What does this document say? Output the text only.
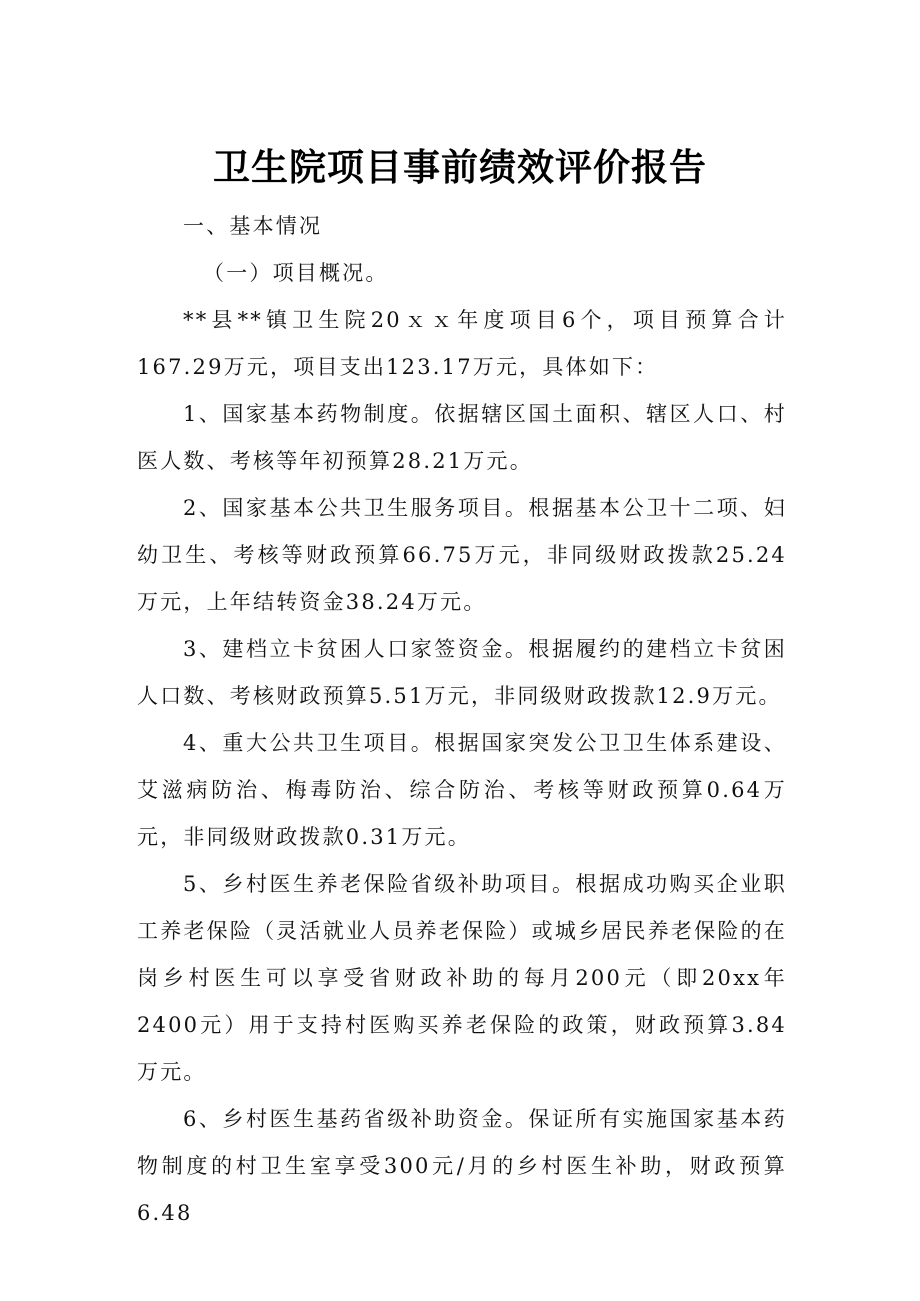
卫生院项目事前绩效评价报告

一、基本情况

（一）项目概况。

**县**镇卫生院20ｘｘ年度项目6个，项目预算合计167.29万元，项目支出123.17万元，具体如下：

1、国家基本药物制度。依据辖区国土面积、辖区人口、村医人数、考核等年初预算28.21万元。

2、国家基本公共卫生服务项目。根据基本公卫十二项、妇幼卫生、考核等财政预算66.75万元，非同级财政拨款25.24万元，上年结转资金38.24万元。

3、建档立卡贫困人口家签资金。根据履约的建档立卡贫困人口数、考核财政预算5.51万元，非同级财政拨款12.9万元。

4、重大公共卫生项目。根据国家突发公卫卫生体系建设、艾滋病防治、梅毒防治、综合防治、考核等财政预算0.64万元，非同级财政拨款0.31万元。

5、乡村医生养老保险省级补助项目。根据成功购买企业职工养老保险（灵活就业人员养老保险）或城乡居民养老保险的在岗乡村医生可以享受省财政补助的每月200元（即20xx年2400元）用于支持村医购买养老保险的政策，财政预算3.84万元。

6、乡村医生基药省级补助资金。保证所有实施国家基本药物制度的村卫生室享受300元/月的乡村医生补助，财政预算6.48
